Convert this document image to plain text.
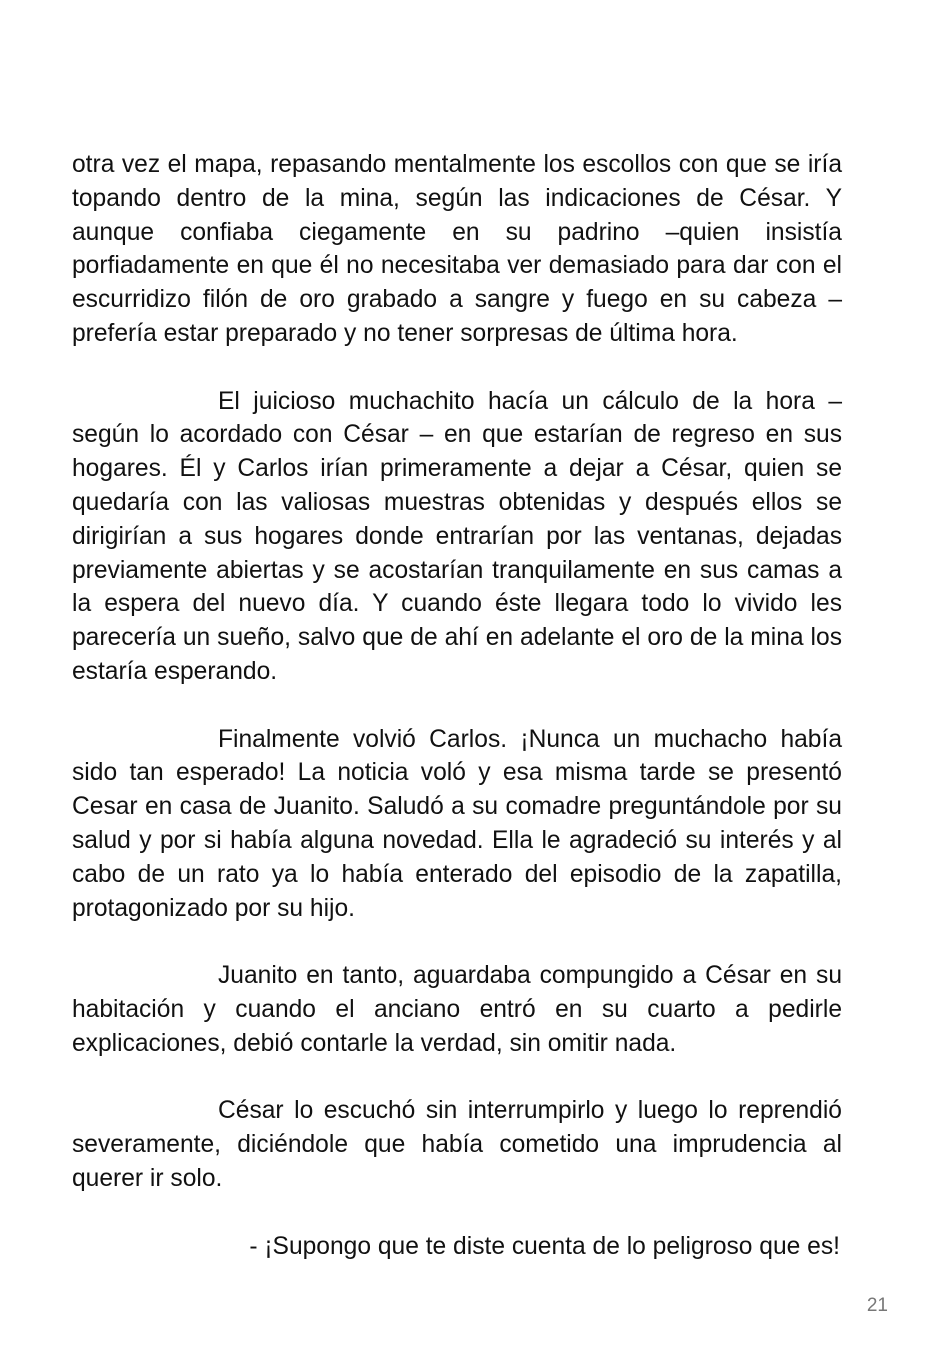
otra vez el mapa, repasando mentalmente los escollos con que se iría topando dentro de la mina, según las indicaciones de César. Y aunque confiaba ciegamente en su padrino –quien insistía porfiadamente en que él no necesitaba ver demasiado para dar con el escurridizo filón de oro grabado a sangre y fuego en su cabeza – prefería estar preparado y no tener sorpresas de última hora.

El juicioso muchachito hacía un cálculo de la hora – según lo acordado con César – en que estarían de regreso en sus hogares. Él y Carlos irían primeramente a dejar a César, quien se quedaría con las valiosas muestras obtenidas y después ellos se dirigirían a sus hogares donde entrarían por las ventanas, dejadas previamente abiertas y se acostarían tranquilamente en sus camas a la espera del nuevo día. Y cuando éste llegara todo lo vivido les parecería un sueño, salvo que de ahí en adelante el oro de la mina los estaría esperando.

Finalmente volvió Carlos. ¡Nunca un muchacho había sido tan esperado! La noticia voló y esa misma tarde se presentó Cesar en casa de Juanito. Saludó a su comadre preguntándole por su salud y por si había alguna novedad. Ella le agradeció su interés y al cabo de un rato ya lo había enterado del episodio de la zapatilla, protagonizado por su hijo.

Juanito en tanto, aguardaba compungido a César en su habitación y cuando el anciano entró en su cuarto a pedirle explicaciones, debió contarle la verdad, sin omitir nada.

César lo escuchó sin interrumpirlo y luego lo reprendió severamente, diciéndole que había cometido una imprudencia al querer ir solo.

- ¡Supongo que te diste cuenta de lo peligroso que es!

21
